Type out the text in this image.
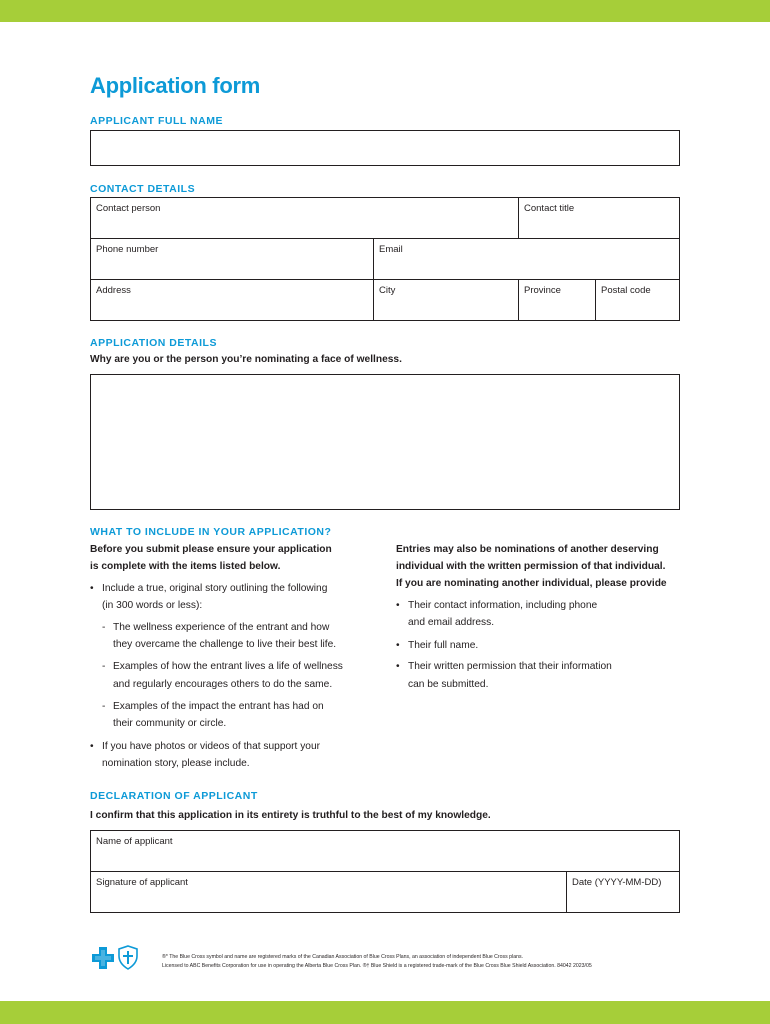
Application form
APPLICANT FULL NAME
CONTACT DETAILS
Contact person	Contact title
Phone number	Email
Address	City	Province	Postal code
APPLICATION DETAILS
Why are you or the person you’re nominating a face of wellness.
WHAT TO INCLUDE IN YOUR APPLICATION?
Before you submit please ensure your application
is complete with the items listed below.
• Include a true, original story outlining the following
(in 300 words or less):
- The wellness experience of the entrant and how
they overcame the challenge to live their best life.
- Examples of how the entrant lives a life of wellness
and regularly encourages others to do the same.
- Examples of the impact the entrant has had on
their community or circle.
• If you have photos or videos of that support your
nomination story, please include.
Entries may also be nominations of another deserving
individual with the written permission of that individual.
If you are nominating another individual, please provide
• Their contact information, including phone
and email address.
• Their full name.
• Their written permission that their information
can be submitted.
DECLARATION OF APPLICANT
I confirm that this application in its entirety is truthful to the best of my knowledge.
Name of applicant
Signature of applicant	Date (YYYY-MM-DD)
®* The Blue Cross symbol and name are registered marks of the Canadian Association of Blue Cross Plans, an association of independent Blue Cross plans.
Licensed to ABC Benefits Corporation for use in operating the Alberta Blue Cross Plan. ®† Blue Shield is a registered trade-mark of the Blue Cross Blue Shield Association. 84042 2023/05
